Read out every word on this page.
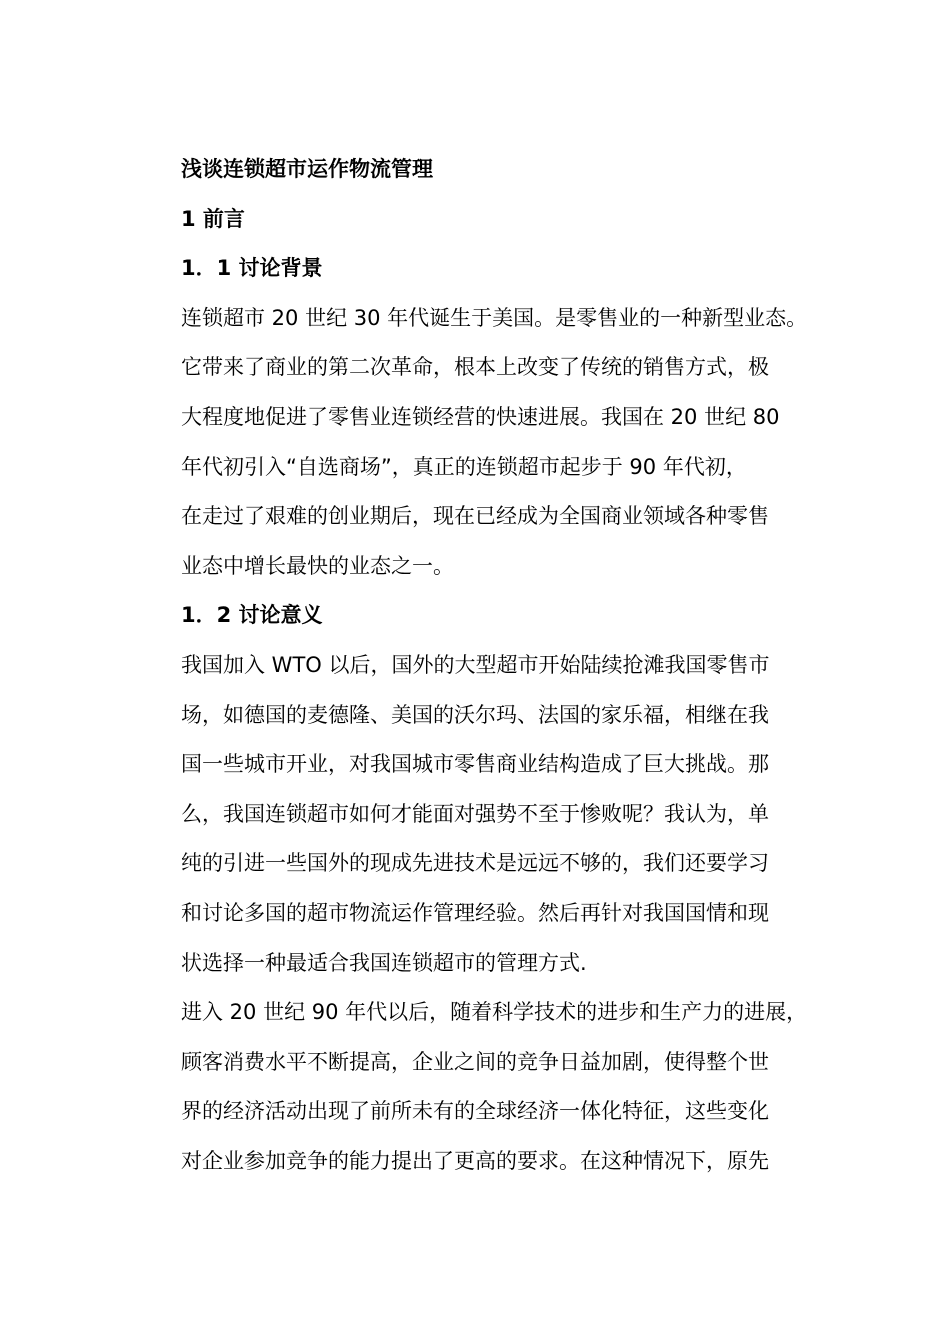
浅谈连锁超市运作物流管理
1 前言
1．1 讨论背景
连锁超市 20 世纪 30 年代诞生于美国。是零售业的一种新型业态。
它带来了商业的第二次革命，根本上改变了传统的销售方式，极
大程度地促进了零售业连锁经营的快速进展。我国在 20 世纪 80
年代初引入“自选商场”，真正的连锁超市起步于 90 年代初，
在走过了艰难的创业期后，现在已经成为全国商业领域各种零售
业态中增长最快的业态之一。
1．2 讨论意义
我国加入 WTO 以后，国外的大型超市开始陆续抢滩我国零售市
场，如德国的麦德隆、美国的沃尔玛、法国的家乐福，相继在我
国一些城市开业，对我国城市零售商业结构造成了巨大挑战。那
么，我国连锁超市如何才能面对强势不至于惨败呢？我认为，单
纯的引进一些国外的现成先进技术是远远不够的，我们还要学习
和讨论多国的超市物流运作管理经验。然后再针对我国国情和现
状选择一种最适合我国连锁超市的管理方式.
进入 20 世纪 90 年代以后，随着科学技术的进步和生产力的进展，
顾客消费水平不断提高，企业之间的竞争日益加剧，使得整个世
界的经济活动出现了前所未有的全球经济一体化特征，这些变化
对企业参加竞争的能力提出了更高的要求。在这种情况下，原先
